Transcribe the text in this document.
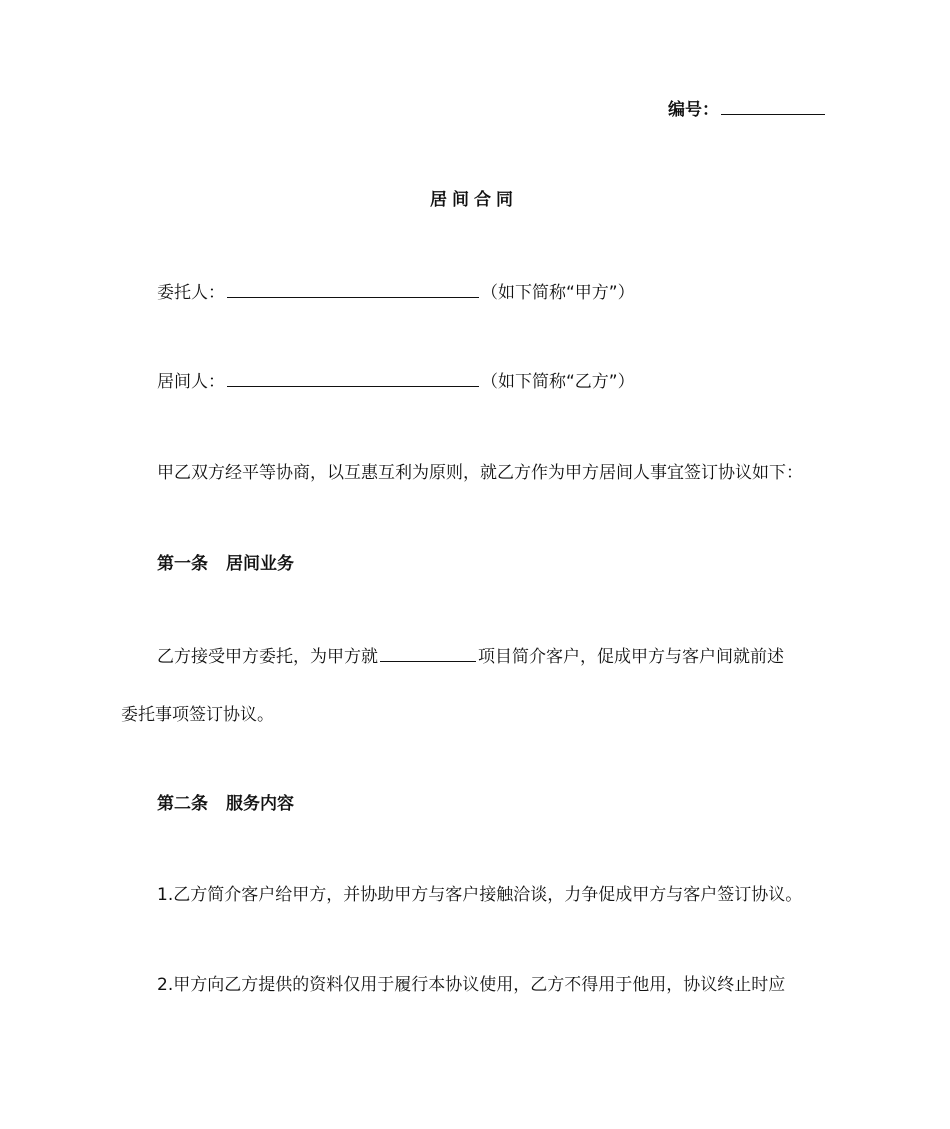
编号：
居间合同
委托人：	（如下简称“甲方”）
居间人：	（如下简称“乙方”）
甲乙双方经平等协商，以互惠互利为原则，就乙方作为甲方居间人事宜签订协议如下：
第一条 居间业务
乙方接受甲方委托，为甲方就	项目简介客户，促成甲方与客户间就前述
委托事项签订协议。
第二条 服务内容
1.乙方简介客户给甲方，并协助甲方与客户接触洽谈，力争促成甲方与客户签订协议。
2.甲方向乙方提供的资料仅用于履行本协议使用，乙方不得用于他用，协议终止时应
